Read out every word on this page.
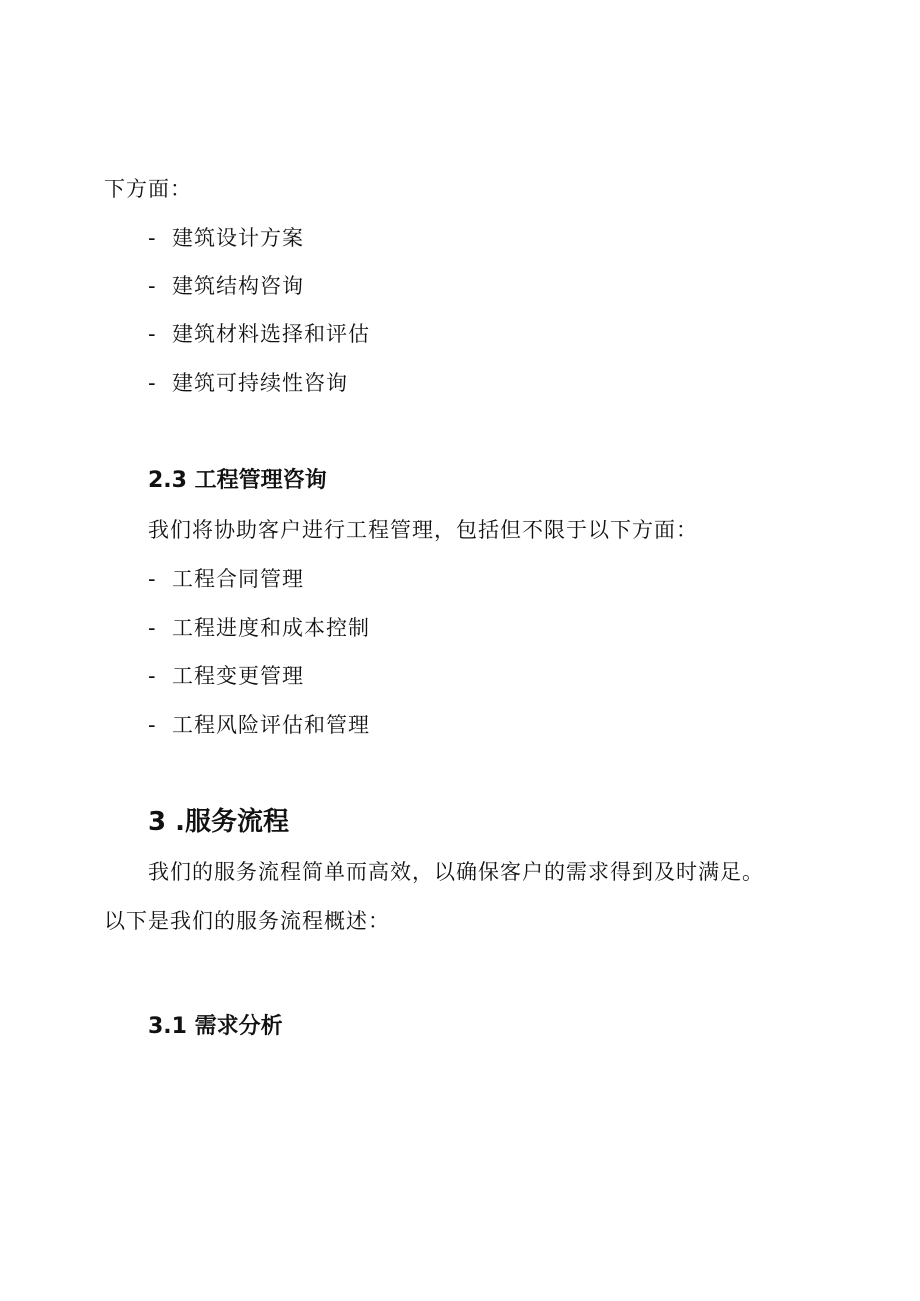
下方面：
- 建筑设计方案
- 建筑结构咨询
- 建筑材料选择和评估
- 建筑可持续性咨询
2.3 工程管理咨询
我们将协助客户进行工程管理，包括但不限于以下方面：
- 工程合同管理
- 工程进度和成本控制
- 工程变更管理
- 工程风险评估和管理
3 .服务流程
我们的服务流程简单而高效，以确保客户的需求得到及时满足。
以下是我们的服务流程概述：
3.1 需求分析
